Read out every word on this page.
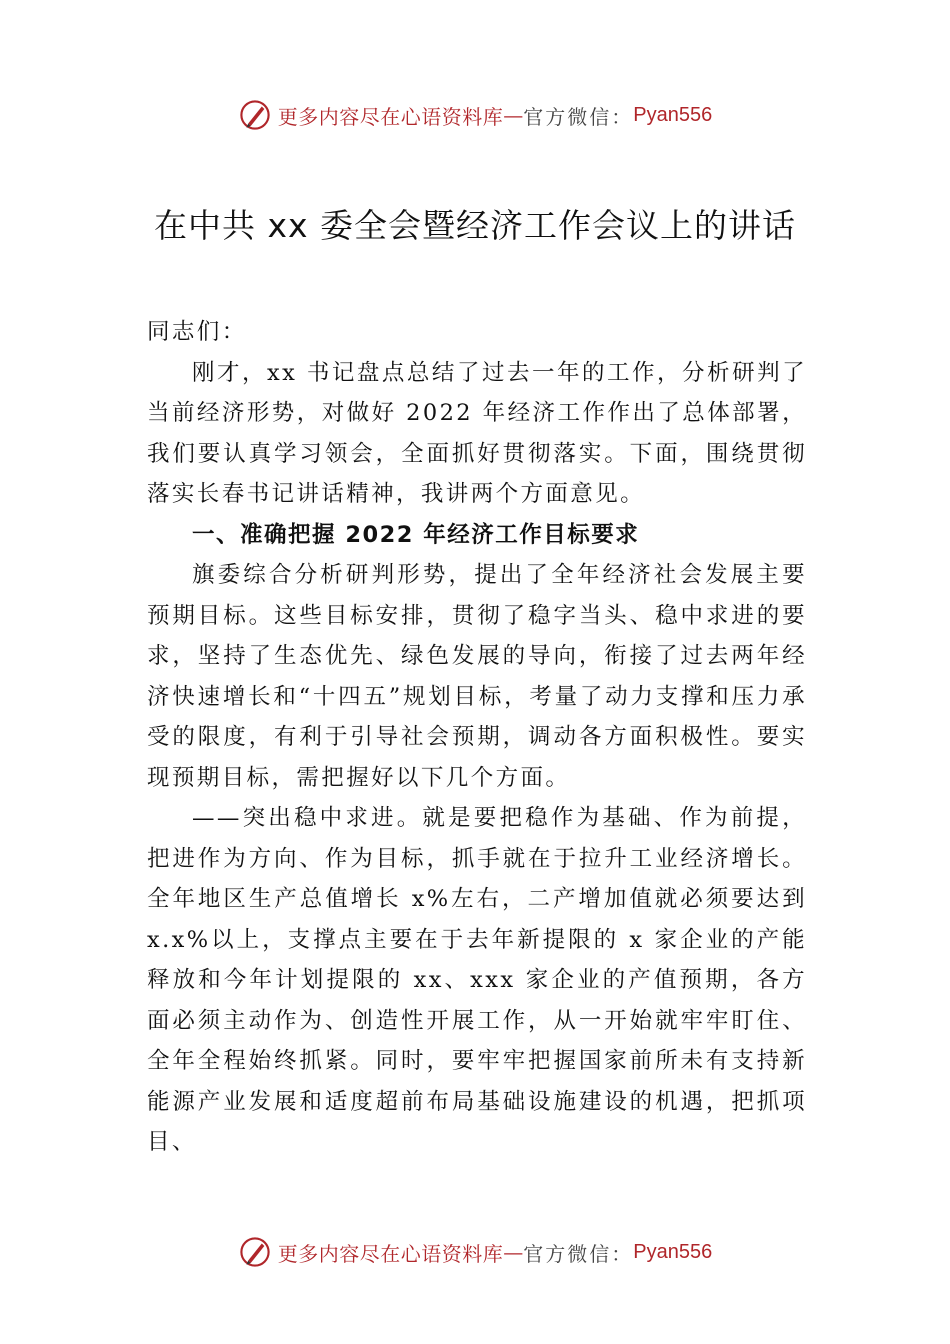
更多内容尽在心语资料库 — 官方微信： Pyan556
在中共 xx 委全会暨经济工作会议上的讲话

同志们：

刚才，xx 书记盘点总结了过去一年的工作，分析研判了当前经济形势，对做好 2022 年经济工作作出了总体部署，我们要认真学习领会，全面抓好贯彻落实。下面，围绕贯彻落实长春书记讲话精神，我讲两个方面意见。

一、准确把握 2022 年经济工作目标要求

旗委综合分析研判形势，提出了全年经济社会发展主要预期目标。这些目标安排，贯彻了稳字当头、稳中求进的要求，坚持了生态优先、绿色发展的导向，衔接了过去两年经济快速增长和“十四五”规划目标，考量了动力支撑和压力承受的限度，有利于引导社会预期，调动各方面积极性。要实现预期目标，需把握好以下几个方面。

——突出稳中求进。就是要把稳作为基础、作为前提，把进作为方向、作为目标，抓手就在于拉升工业经济增长。 全年地区生产总值增长 x%左右，二产增加值就必须要达到 x.x%以上，支撑点主要在于去年新提限的 x 家企业的产能释放和今年计划提限的 xx、xxx 家企业的产值预期，各方面必须主动作为、创造性开展工作，从一开始就牢牢盯住、全年全程始终抓紧。同时，要牢牢把握国家前所未有支持新能源产业发展和适度超前布局基础设施建设的机遇，把抓项目、

更多内容尽在心语资料库 — 官方微信： Pyan556
